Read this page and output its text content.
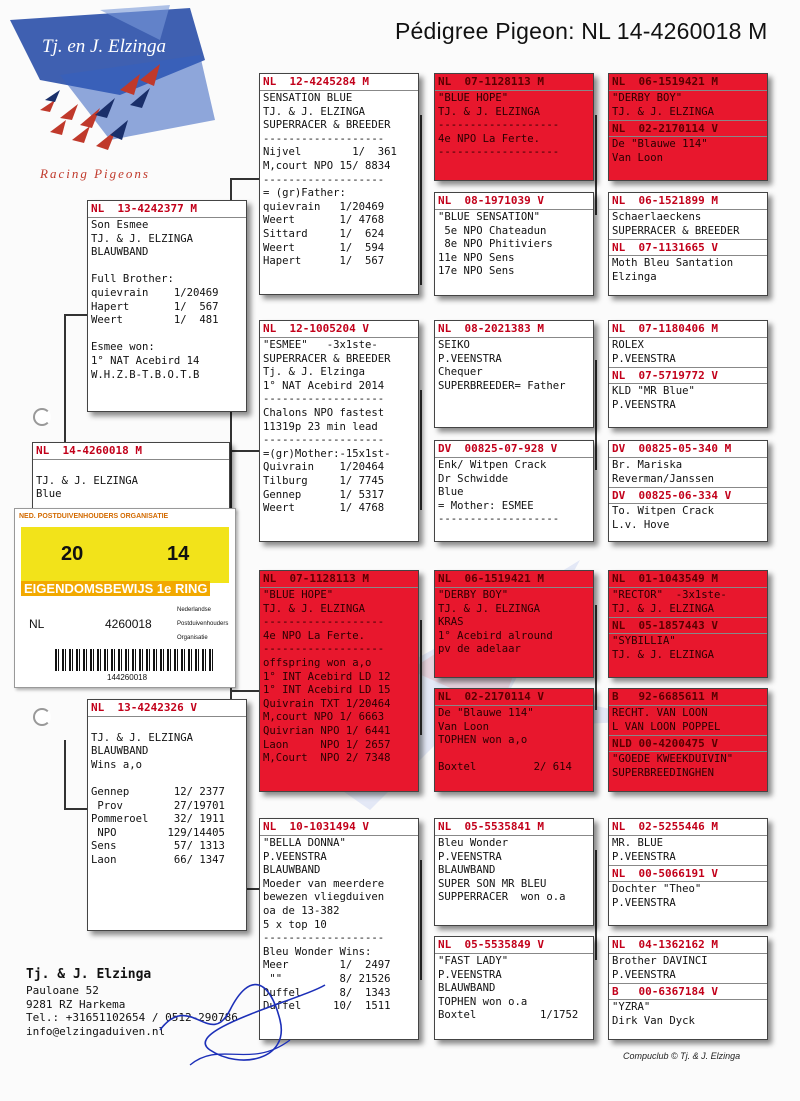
Tj. en J. Elzinga
Racing Pigeons
Pédigree Pigeon: NL 14-4260018 M
NL  14-4260018 M
TJ. & J. ELZINGA
Blue
NL  13-4242377 M
Son Esmee
TJ. & J. ELZINGA
BLAUWBAND
Full Brother:
quievrain    1/20469
Hapert       1/  567
Weert        1/  481
Esmee won:
1° NAT Acebird 14
W.H.Z.B-T.B.O.T.B
NL  13-4242326 V
TJ. & J. ELZINGA
BLAUWBAND
Wins a,o
Gennep       12/ 2377
Prov        27/19701
Pommeroel    32/ 1911
NPO        129/14405
Sens         57/ 1313
Laon         66/ 1347
NL  12-4245284 M
SENSATION BLUE
TJ. & J. ELZINGA
SUPERRACER & BREEDER
-------------------
Nijvel        1/  361
M,court NPO 15/ 8834
-------------------
= (gr)Father:
quievrain   1/20469
Weert       1/ 4768
Sittard     1/  624
Weert       1/  594
Hapert      1/  567
NL  12-1005204 V
"ESMEE"   -3x1ste-
SUPERRACER & BREEDER
Tj. & J. Elzinga
1° NAT Acebird 2014
-------------------
Chalons NPO fastest
11319p 23 min lead
-------------------
=(gr)Mother:-15x1st-
Quivrain    1/20464
Tilburg     1/ 7745
Gennep      1/ 5317
Weert       1/ 4768
NL  07-1128113 M
"BLUE HOPE"
TJ. & J. ELZINGA
-------------------
4e NPO La Ferte.
-------------------
offspring won a,o
1° INT Acebird LD 12
1° INT Acebird LD 15
Quivrain TXT 1/20464
M,court NPO 1/ 6663
Quivrian NPO 1/ 6441
Laon     NPO 1/ 2657
M,Court  NPO 2/ 7348
NL  10-1031494 V
"BELLA DONNA"
P.VEENSTRA
BLAUWBAND
Moeder van meerdere
bewezen vliegduiven
oa de 13-382
5 x top 10
-------------------
Bleu Wonder Wins:
Meer        1/  2497
""         8/ 21526
Duffel      8/  1343
Duffel     10/  1511
NL  07-1128113 M
"BLUE HOPE"
TJ. & J. ELZINGA
-------------------
4e NPO La Ferte.
-------------------
NL  08-1971039 V
"BLUE SENSATION"
5e NPO Chateadun
8e NPO Phitiviers
11e NPO Sens
17e NPO Sens
NL  08-2021383 M
SEIKO
P.VEENSTRA
Chequer
SUPERBREEDER= Father
DV  00825-07-928 V
Enk/ Witpen Crack
Dr Schwidde
Blue
= Mother: ESMEE
-------------------
NL  06-1519421 M
"DERBY BOY"
TJ. & J. ELZINGA
KRAS
1° Acebird alround
pv de adelaar
NL  02-2170114 V
De "Blauwe 114"
Van Loon
TOPHEN won a,o
Boxtel         2/ 614
NL  05-5535841 M
Bleu Wonder
P.VEENSTRA
BLAUWBAND
SUPER SON MR BLEU
SUPPERRACER  won o.a
NL  05-5535849 V
"FAST LADY"
P.VEENSTRA
BLAUWBAND
TOPHEN won o.a
Boxtel          1/1752
NL  06-1519421 M
"DERBY BOY"
TJ. & J. ELZINGA
NL  02-2170114 V
De "Blauwe 114"
Van Loon
NL  06-1521899 M
Schaerlaeckens
SUPERRACER & BREEDER
NL  07-1131665 V
Moth Bleu Santation
Elzinga
NL  07-1180406 M
ROLEX
P.VEENSTRA
NL  07-5719772 V
KLD "MR Blue"
P.VEENSTRA
DV  00825-05-340 M
Br. Mariska
Reverman/Janssen
DV  00825-06-334 V
To. Witpen Crack
L.v. Hove
NL  01-1043549 M
"RECTOR"  -3x1ste-
TJ. & J. ELZINGA
NL  05-1857443 V
"SYBILLIA"
TJ. & J. ELZINGA
B   92-6685611 M
RECHT. VAN LOON
L VAN LOON POPPEL
NLD 00-4200475 V
"GOEDE KWEEKDUIVIN"
SUPERBREEDINGHEN
NL  02-5255446 M
MR. BLUE
P.VEENSTRA
NL  00-5066191 V
Dochter "Theo"
P.VEENSTRA
NL  04-1362162 M
Brother DAVINCI
P.VEENSTRA
B   00-6367184 V
"YZRA"
Dirk Van Dyck
NED. POSTDUIVENHOUDERS ORGANISATIE
20	14
EIGENDOMSBEWIJS 1e RING
NL	4260018
Nederlandse
Postduivenhouders
Organisatie
144260018
Tj. & J. Elzinga
Pauloane 52
9281 RZ Harkema
Tel.: +31651102654 / 0512-290786
info@elzingaduiven.nl
Compuclub © Tj. & J. Elzinga
